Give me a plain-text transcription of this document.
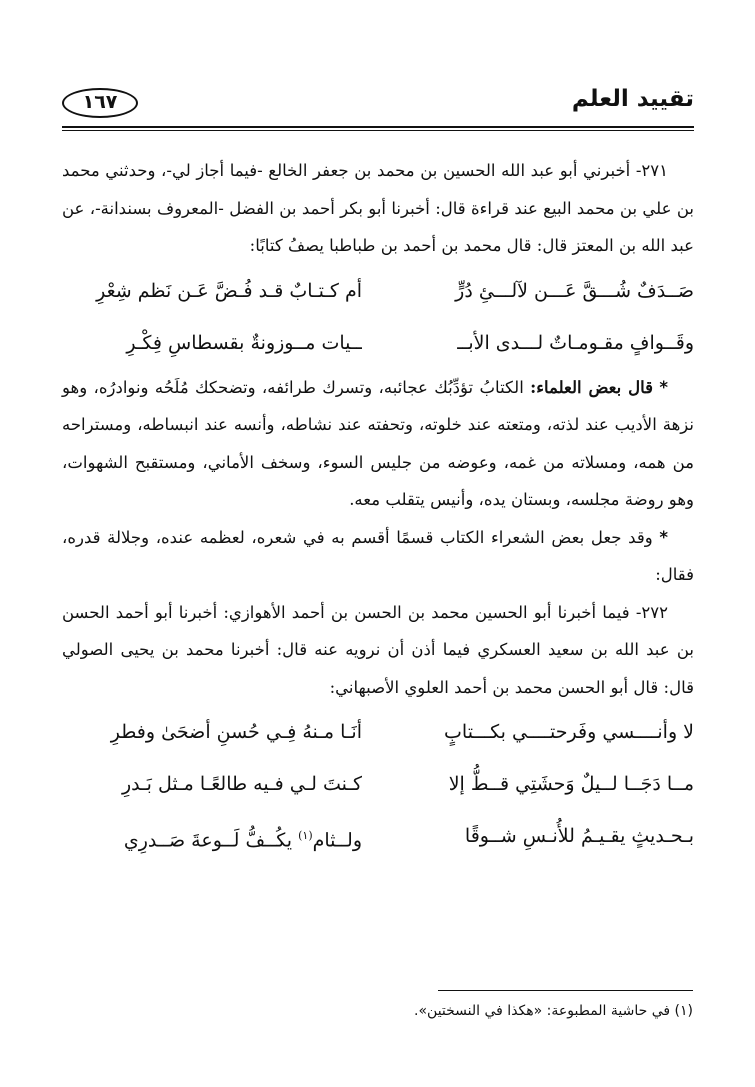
تقييد العلم
١٦٧

٢٧١- أخبرني أبو عبد الله الحسين بن محمد بن جعفر الخالع -فيما أجاز لي-، وحدثني محمد بن علي بن محمد البيع عند قراءة قال: أخبرنا أبو بكر أحمد بن الفضل -المعروف بسندانة-، عن عبد الله بن المعتز قال: قال محمد بن أحمد بن طباطبا يصفُ كتابًا:

صَــدَفٌ شُـــقَّ عَـــن لآلـــئِ دُرٍّ
أم كـتـابٌ قـد فُـضَّ عَـن نَظم شِعْرِ
وقَــوافٍ مقـومـاتٌ لـــدى الأبــ
ــيات مــوزونةٌ بقسطاسِ فِكْـرِ

* قال بعض العلماء: الكتابُ تؤدِّبُك عجائبه، وتسرك طرائفه، وتضحكك مُلَحُه ونوادرُه، وهو نزهة الأديب عند لذته، ومتعته عند خلوته، وتحفته عند نشاطه، وأنسه عند انبساطه، ومستراحه من همه، ومسلاته من غمه، وعوضه من جليس السوء، وسخف الأماني، ومستقبح الشهوات، وهو روضة مجلسه، وبستان يده، وأنيس يتقلب معه.

* وقد جعل بعض الشعراء الكتاب قسمًا أقسم به في شعره، لعظمه عنده، وجلالة قدره، فقال:

٢٧٢- فيما أخبرنا أبو الحسين محمد بن الحسن بن أحمد الأهوازي: أخبرنا أبو أحمد الحسن بن عبد الله بن سعيد العسكري فيما أذن أن نرويه عنه قال: أخبرنا محمد بن يحيى الصولي قال: قال أبو الحسن محمد بن أحمد العلوي الأصبهاني:

لا وأنــــسي وفَرحتــــي بكـــتابٍ
أنَـا مـنهُ فِـي حُسنِ أضحَىٰ وفطرِ
مــا دَجَــا لــيلٌ وَحشَتِي قــطُّ إلا
كـنتَ لـي فـيه طالعًـا مـثل بَـدرِ
بـحـديثٍ يقـيـمُ للأُنـسِ شــوقًا
ولــثام$^{(١)}$ يكُــفُّ لَــوعةَ صَــدرِي
(١) في حاشية المطبوعة: «هكذا في النسختين».
